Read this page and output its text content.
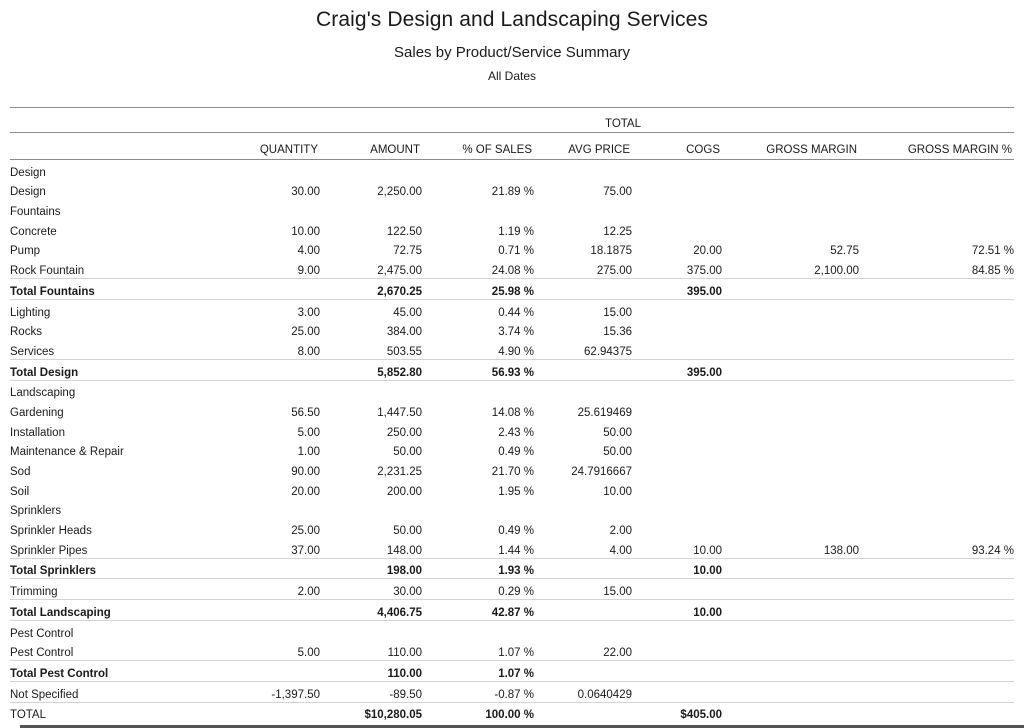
Craig's Design and Landscaping Services
Sales by Product/Service Summary
All Dates
	TOTAL						
	QUANTITY	AMOUNT	% OF SALES	AVG PRICE	COGS	GROSS MARGIN	GROSS MARGIN %
Design							
Design	30.00	2,250.00	21.89 %	75.00			
Fountains							
Concrete	10.00	122.50	1.19 %	12.25			
Pump	4.00	72.75	0.71 %	18.1875	20.00	52.75	72.51 %
Rock Fountain	9.00	2,475.00	24.08 %	275.00	375.00	2,100.00	84.85 %
Total Fountains		2,670.25	25.98 %		395.00		
Lighting	3.00	45.00	0.44 %	15.00			
Rocks	25.00	384.00	3.74 %	15.36			
Services	8.00	503.55	4.90 %	62.94375			
Total Design		5,852.80	56.93 %		395.00		
Landscaping							
Gardening	56.50	1,447.50	14.08 %	25.619469			
Installation	5.00	250.00	2.43 %	50.00			
Maintenance & Repair	1.00	50.00	0.49 %	50.00			
Sod	90.00	2,231.25	21.70 %	24.7916667			
Soil	20.00	200.00	1.95 %	10.00			
Sprinklers							
Sprinkler Heads	25.00	50.00	0.49 %	2.00			
Sprinkler Pipes	37.00	148.00	1.44 %	4.00	10.00	138.00	93.24 %
Total Sprinklers		198.00	1.93 %		10.00		
Trimming	2.00	30.00	0.29 %	15.00			
Total Landscaping		4,406.75	42.87 %		10.00		
Pest Control							
Pest Control	5.00	110.00	1.07 %	22.00			
Total Pest Control		110.00	1.07 %				
Not Specified	-1,397.50	-89.50	-0.87 %	0.0640429			
TOTAL		$10,280.05	100.00 %		$405.00		
